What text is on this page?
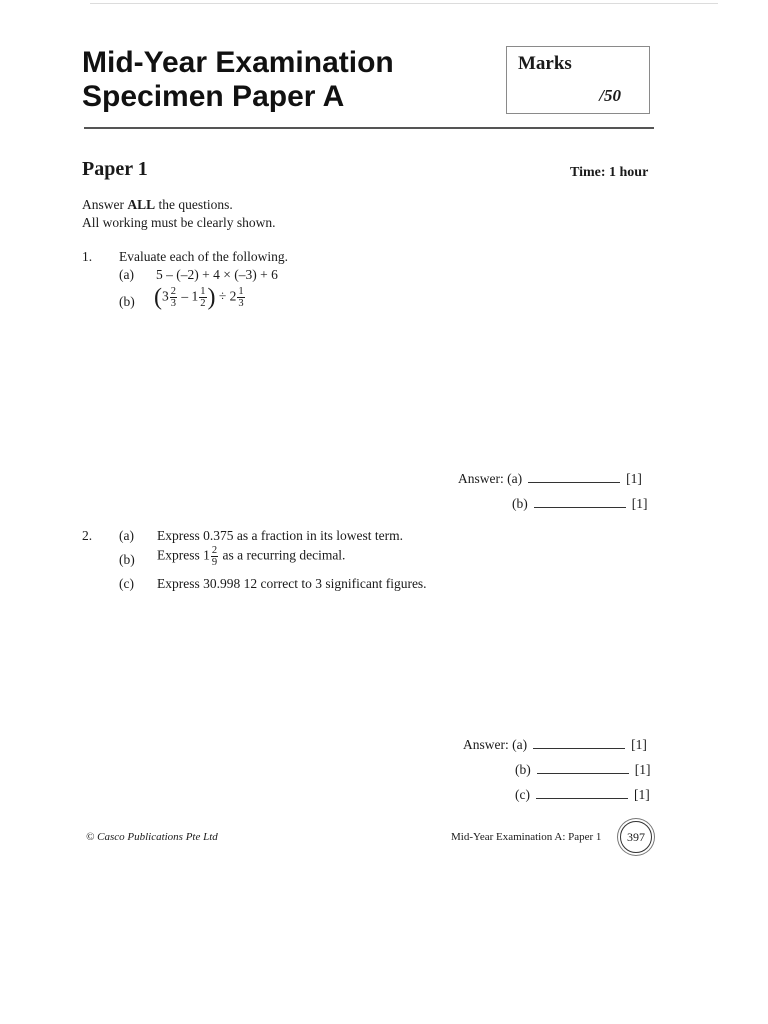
Mid-Year Examination
Specimen Paper A
Marks
/50
Paper 1	Time: 1 hour
Answer ALL the questions.
All working must be clearly shown.
1. Evaluate each of the following.
(a) 5 – (–2) + 4 × (–3) + 6
(b) ($3 \frac{2}{3} - 1 \frac{1}{2}$ ) ÷ $2 \frac{1}{3}$
Answer: (a)	[1]
(b)	[1]
2. (a) Express 0.375 as a fraction in its lowest term.
(b) Express $1 \frac{2}{9}$ as a recurring decimal.
(c) Express 30.998 12 correct to 3 significant figures.
Answer: (a)	[1]
(b)	[1]
(c)	[1]
© Casco Publications Pte Ltd	Mid-Year Examination A: Paper 1 397
